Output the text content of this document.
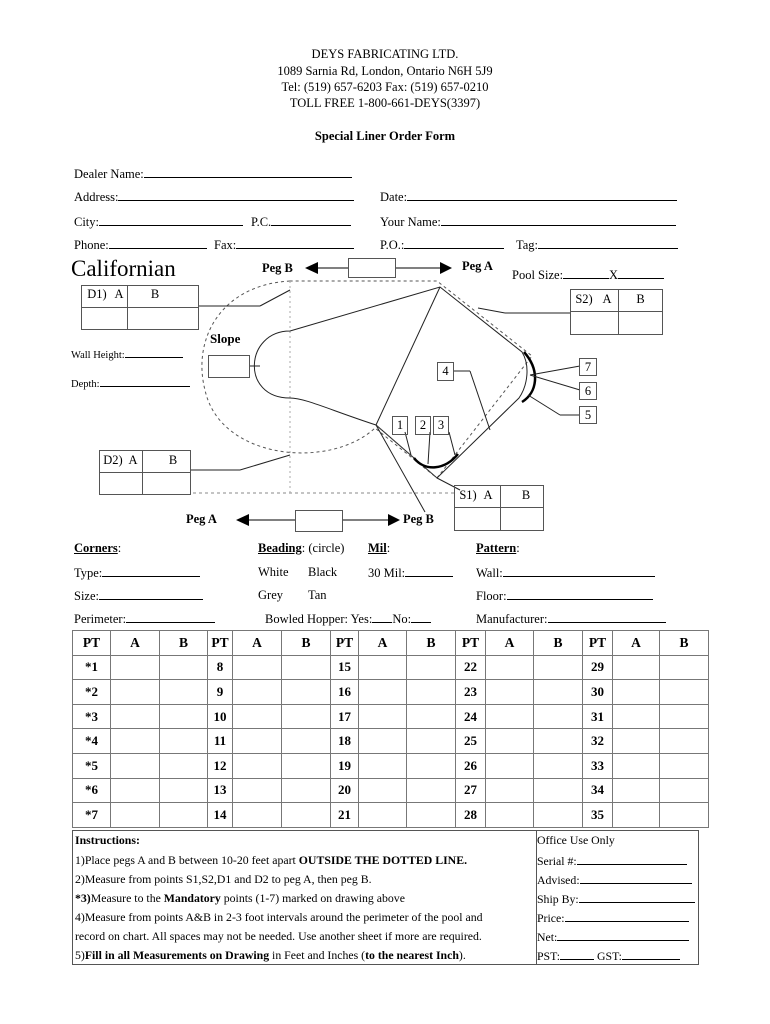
DEYS FABRICATING LTD.
1089 Sarnia Rd, London, Ontario N6H 5J9
Tel: (519) 657-6203 Fax: (519) 657-0210
TOLL FREE 1-800-661-DEYS(3397)
Special Liner Order Form
Dealer Name:
Address:	Date:
City:	P.C.	Your Name:
Phone:	Fax:	P.O.:	Tag:
Californian	Peg B	Peg A
Pool Size:	X
D1) A	B	S2) A	B
Slope
Wall Height:
Depth:
4	7
6
5
1	2 3
D2) A	B
S1) A	B
Peg A	Peg B
Corners:
Type:
Size:
Perimeter:
Beading: (circle)
White Black
Grey Tan
Bowled Hopper: Yes: No:
Mil:
30 Mil:
Pattern:
Wall:
Floor:
Manufacturer:
PT	A	B	PT	A	B	PT	A	B	PT	A	B	PT	A	B
*1			8			15			22			29		
*2			9			16			23			30		
*3			10			17			24			31		
*4			11			18			25			32		
*5			12			19			26			33		
*6			13			20			27			34		
*7			14			21			28			35		
Instructions:
1)Place pegs A and B between 10-20 feet apart OUTSIDE THE DOTTED LINE.
2)Measure from points S1,S2,D1 and D2 to peg A, then peg B.
*3)Measure to the Mandatory points (1-7) marked on drawing above
4)Measure from points A&B in 2-3 foot intervals around the perimeter of the pool and
record on chart. All spaces may not be needed. Use another sheet if more are required.
5)Fill in all Measurements on Drawing in Feet and Inches (to the nearest Inch).
Office Use Only
Serial #:
Advised:
Ship By:
Price:
Net:
PST:	GST:
